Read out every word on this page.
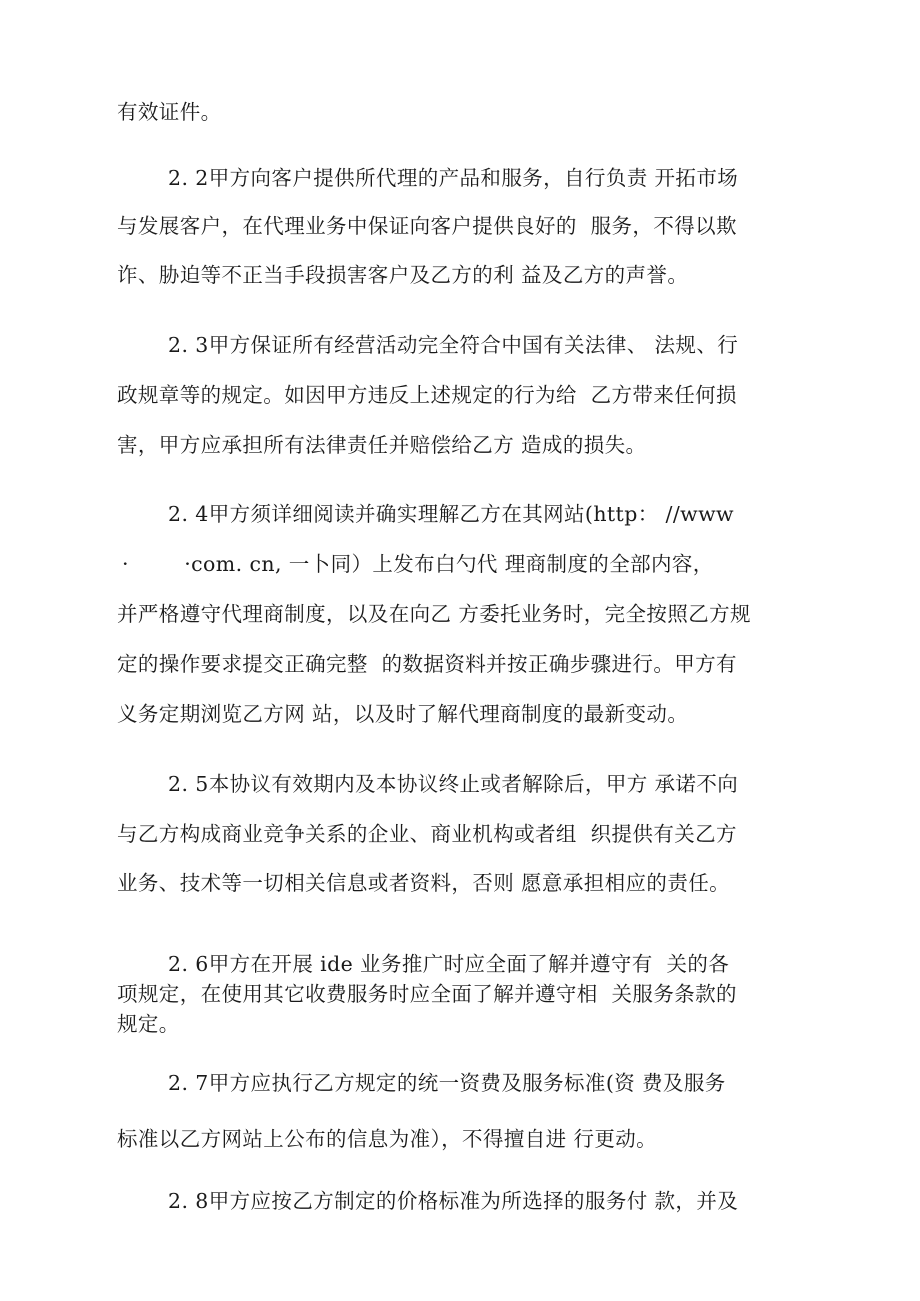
有效证件。
2. 2甲方向客户提供所代理的产品和服务，自行负责 开拓市场
与发展客户，在代理业务中保证向客户提供良好的  服务，不得以欺
诈、胁迫等不正当手段损害客户及乙方的利 益及乙方的声誉。
2. 3甲方保证所有经营活动完全符合中国有关法律、 法规、行
政规章等的规定。如因甲方违反上述规定的行为给  乙方带来任何损
害，甲方应承担所有法律责任并赔偿给乙方 造成的损失。
2. 4甲方须详细阅读并确实理解乙方在其网站(http： //www
·        ·com. cn, 一卜同）上发布白勺代 理商制度的全部内容，
并严格遵守代理商制度，以及在向乙 方委托业务时，完全按照乙方规
定的操作要求提交正确完整  的数据资料并按正确步骤进行。甲方有
义务定期浏览乙方网 站，以及时了解代理商制度的最新变动。
2. 5本协议有效期内及本协议终止或者解除后，甲方 承诺不向
与乙方构成商业竞争关系的企业、商业机构或者组  织提供有关乙方
业务、技术等一切相关信息或者资料，否则 愿意承担相应的责任。
2. 6甲方在开展 ide 业务推广时应全面了解并遵守有  关的各
项规定，在使用其它收费服务时应全面了解并遵守相  关服务条款的
规定。
2. 7甲方应执行乙方规定的统一资费及服务标准(资 费及服务
标准以乙方网站上公布的信息为准），不得擅自进 行更动。
2. 8甲方应按乙方制定的价格标准为所选择的服务付 款，并及
